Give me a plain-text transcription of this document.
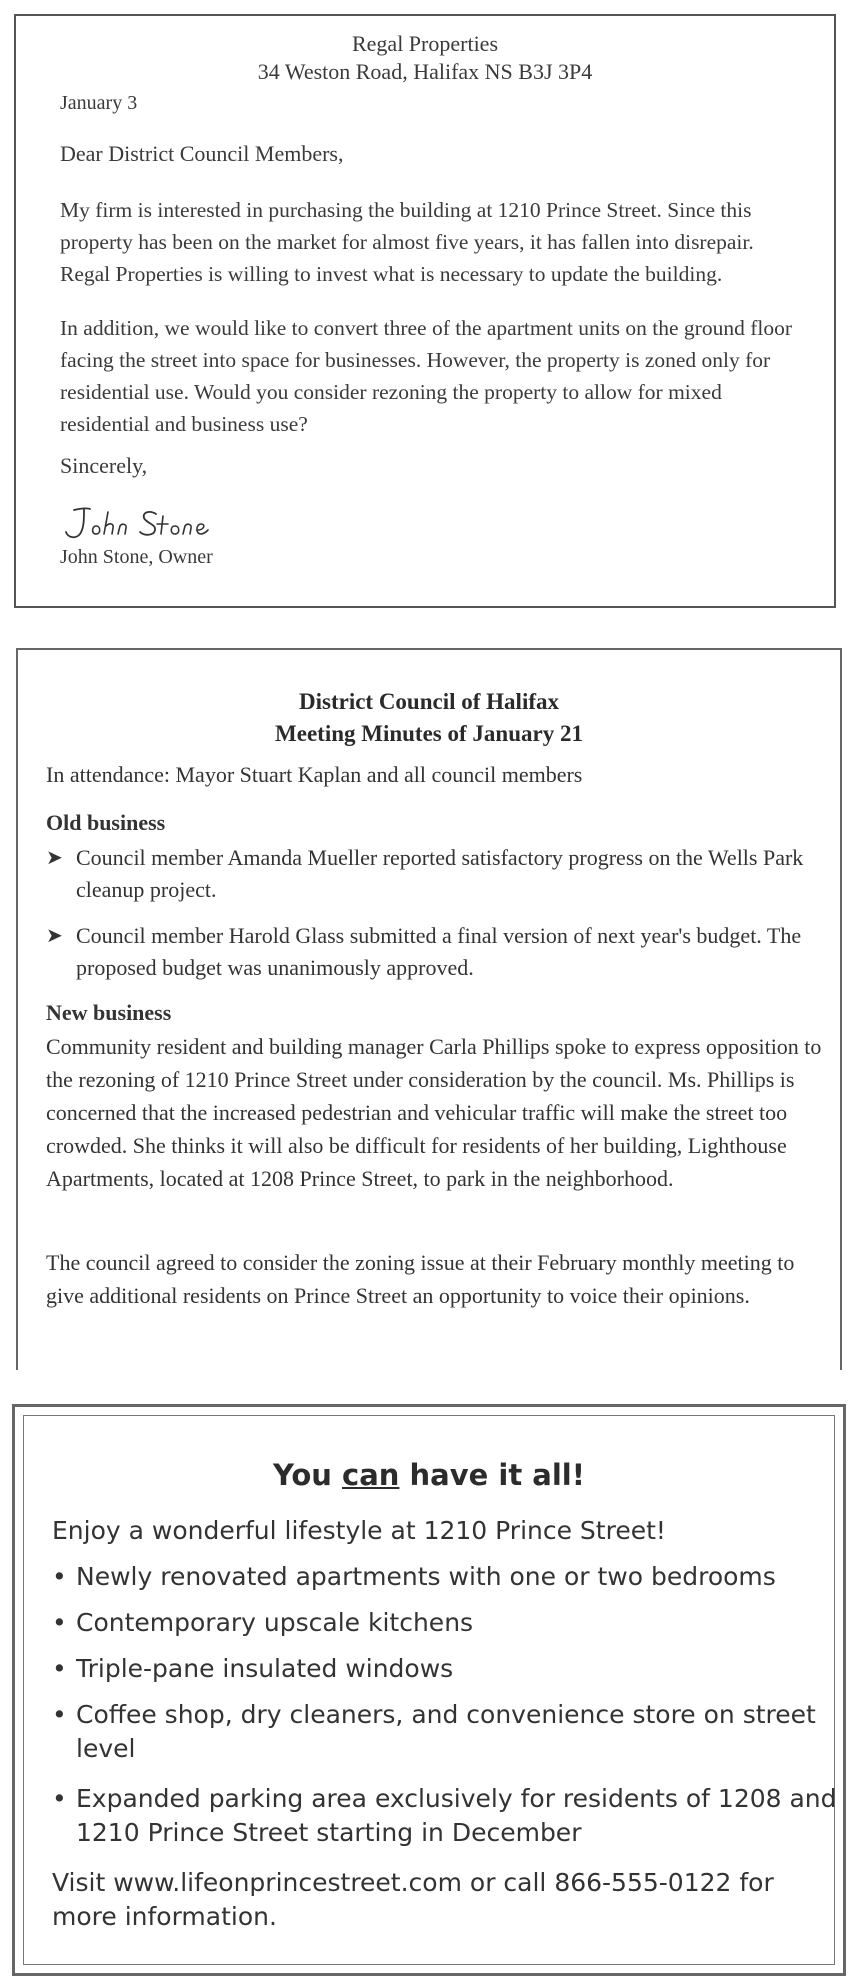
Regal Properties
34 Weston Road, Halifax NS B3J 3P4
January 3
Dear District Council Members,

My firm is interested in purchasing the building at 1210 Prince Street. Since this property has been on the market for almost five years, it has fallen into disrepair. Regal Properties is willing to invest what is necessary to update the building.

In addition, we would like to convert three of the apartment units on the ground floor facing the street into space for businesses. However, the property is zoned only for residential use. Would you consider rezoning the property to allow for mixed residential and business use?

Sincerely,
John Stone, Owner
District Council of Halifax
Meeting Minutes of January 21
In attendance: Mayor Stuart Kaplan and all council members
Old business
➤ Council member Amanda Mueller reported satisfactory progress on the Wells Park cleanup project.
➤ Council member Harold Glass submitted a final version of next year's budget. The proposed budget was unanimously approved.
New business

Community resident and building manager Carla Phillips spoke to express opposition to the rezoning of 1210 Prince Street under consideration by the council. Ms. Phillips is concerned that the increased pedestrian and vehicular traffic will make the street too crowded. She thinks it will also be difficult for residents of her building, Lighthouse Apartments, located at 1208 Prince Street, to park in the neighborhood.

The council agreed to consider the zoning issue at their February monthly meeting to give additional residents on Prince Street an opportunity to voice their opinions.

You can have it all!
Enjoy a wonderful lifestyle at 1210 Prince Street!
• Newly renovated apartments with one or two bedrooms
• Contemporary upscale kitchens
• Triple-pane insulated windows
• Coffee shop, dry cleaners, and convenience store on street level
• Expanded parking area exclusively for residents of 1208 and 1210 Prince Street starting in December
Visit www.lifeonprincestreet.com or call 866-555-0122 for more information.
